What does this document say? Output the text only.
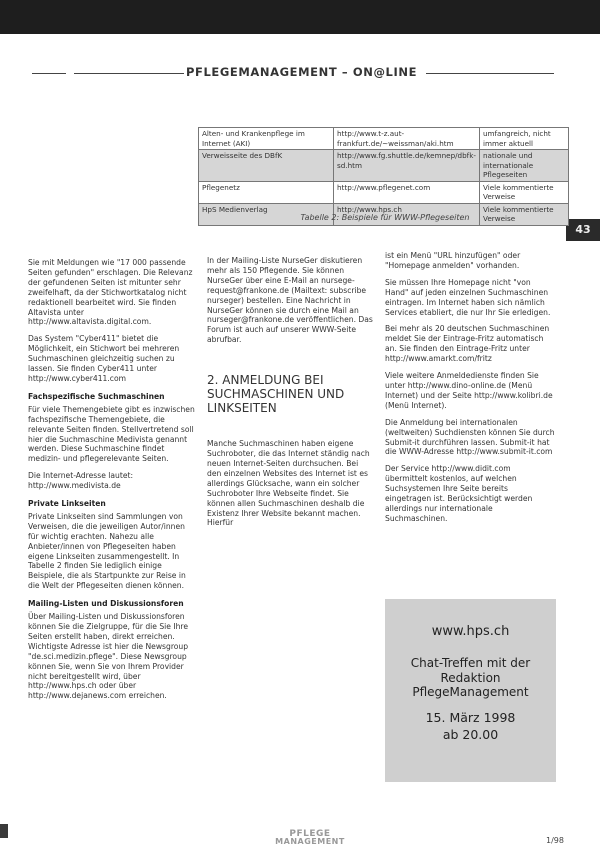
PFLEGEMANAGEMENT – ON@LINE
43
Alten- und Krankenpflege im Internet (AKI)	http://www.t-z.aut-frankfurt.de/~weissman/aki.htm	umfangreich, nicht immer aktuell
Verweisseite des DBfK	http://www.fg.shuttle.de/kemnep/dbfk-sd.htm	nationale und internationale Pflegeseiten
Pflegenetz	http://www.pflegenet.com	Viele kommentierte Verweise
HpS Medienverlag	http://www.hps.ch	Viele kommentierte Verweise
Tabelle 2: Beispiele für WWW-Pflegeseiten

Sie mit Meldungen wie "17 000 passende Seiten gefunden" erschlagen. Die Relevanz der gefundenen Seiten ist mitunter sehr zweifelhaft, da der Stichwortkatalog nicht redaktionell bearbeitet wird. Sie finden Altavista unter http://www.altavista.digital.com.

Das System "Cyber411" bietet die Möglichkeit, ein Stichwort bei mehreren Suchmaschinen gleichzeitig suchen zu lassen. Sie finden Cyber411 unter http://www.cyber411.com

Fachspezifische Suchmaschinen

Für viele Themengebiete gibt es inzwischen fachspezifische Themengebiete, die relevante Seiten finden. Stellvertretend soll hier die Suchmaschine Medivista genannt werden. Diese Suchmaschine findet medizin- und pflegerelevante Seiten.

Die Internet-Adresse lautet: http://www.medivista.de

Private Linkseiten

Private Linkseiten sind Sammlungen von Verweisen, die die jeweiligen Autor/innen für wichtig erachten. Nahezu alle Anbieter/innen von Pflegeseiten haben eigene Linkseiten zusammengestellt. In Tabelle 2 finden Sie lediglich einige Beispiele, die als Startpunkte zur Reise in die Welt der Pflegeseiten dienen können.

Mailing-Listen und Diskussionsforen

Über Mailing-Listen und Diskussionsforen können Sie die Zielgruppe, für die Sie Ihre Seiten erstellt haben, direkt erreichen. Wichtigste Adresse ist hier die Newsgroup "de.sci.medizin.pflege". Diese Newsgroup können Sie, wenn Sie von Ihrem Provider nicht bereitgestellt wird, über http://www.hps.ch oder über http://www.dejanews.com erreichen.

In der Mailing-Liste NurseGer diskutieren mehr als 150 Pflegende. Sie können NurseGer über eine E-Mail an nursege-request@frankone.de (Mailtext: subscribe nurseger) bestellen. Eine Nachricht in NurseGer können sie durch eine Mail an nurseger@frankone.de veröffentlichen. Das Forum ist auch auf unserer WWW-Seite abrufbar.

2. ANMELDUNG BEI SUCHMASCHINEN UND LINKSEITEN

Manche Suchmaschinen haben eigene Suchroboter, die das Internet ständig nach neuen Internet-Seiten durchsuchen. Bei den einzelnen Websites des Internet ist es allerdings Glücksache, wann ein solcher Suchroboter Ihre Webseite findet. Sie können allen Suchmaschinen deshalb die Existenz Ihrer Website bekannt machen. Hierfür

ist ein Menü "URL hinzufügen" oder "Homepage anmelden" vorhanden.

Sie müssen Ihre Homepage nicht "von Hand" auf jeden einzelnen Suchmaschinen eintragen. Im Internet haben sich nämlich Services etabliert, die nur Ihr Sie erledigen.

Bei mehr als 20 deutschen Suchmaschinen meldet Sie der Eintrage-Fritz automatisch an. Sie finden den Eintrage-Fritz unter http://www.amarkt.com/fritz

Viele weitere Anmeldedienste finden Sie unter http://www.dino-online.de (Menü Internet) und der Seite http://www.kolibri.de (Menü Internet).

Die Anmeldung bei internationalen (weltweiten) Suchdiensten können Sie durch Submit-it durchführen lassen. Submit-it hat die WWW-Adresse http://www.submit-it.com

Der Service http://www.didit.com übermittelt kostenlos, auf welchen Suchsystemen Ihre Seite bereits eingetragen ist. Berücksichtigt werden allerdings nur internationale Suchmaschinen.

www.hps.ch
Chat-Treffen mit der
Redaktion PflegeManagement
15. März 1998
ab 20.00
PFLEGE
MANAGEMENT	1/98
